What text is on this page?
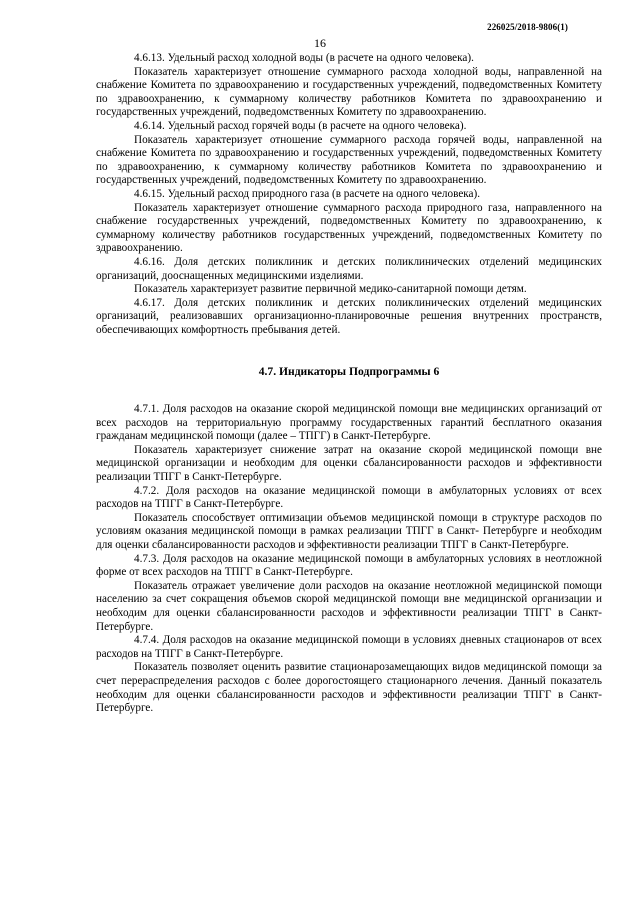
226025/2018-9806(1)
16

4.6.13. Удельный расход холодной воды (в расчете на одного человека).

Показатель характеризует отношение суммарного расхода холодной воды, направленной на снабжение Комитета по здравоохранению и государственных учреждений, подведомственных Комитету по здравоохранению, к суммарному количеству работников Комитета по здравоохранению и государственных учреждений, подведомственных Комитету по здравоохранению.

4.6.14. Удельный расход горячей воды (в расчете на одного человека).

Показатель характеризует отношение суммарного расхода горячей воды, направленной на снабжение Комитета по здравоохранению и государственных учреждений, подведомственных Комитету по здравоохранению, к суммарному количеству работников Комитета по здравоохранению и государственных учреждений, подведомственных Комитету по здравоохранению.

4.6.15. Удельный расход природного газа (в расчете на одного человека).

Показатель характеризует отношение суммарного расхода природного газа, направленного на снабжение государственных учреждений, подведомственных Комитету по здравоохранению, к суммарному количеству работников государственных учреждений, подведомственных Комитету по здравоохранению.

4.6.16. Доля детских поликлиник и детских поликлинических отделений медицинских организаций, дооснащенных медицинскими изделиями.

Показатель характеризует развитие первичной медико-санитарной помощи детям.

4.6.17. Доля детских поликлиник и детских поликлинических отделений медицинских организаций, реализовавших организационно-планировочные решения внутренних пространств, обеспечивающих комфортность пребывания детей.

4.7. Индикаторы Подпрограммы 6

4.7.1. Доля расходов на оказание скорой медицинской помощи вне медицинских организаций от всех расходов на территориальную программу государственных гарантий бесплатного оказания гражданам медицинской помощи (далее – ТПГГ) в Санкт-Петербурге.

Показатель характеризует снижение затрат на оказание скорой медицинской помощи вне медицинской организации и необходим для оценки сбалансированности расходов и эффективности реализации ТПГГ в Санкт-Петербурге.

4.7.2. Доля расходов на оказание медицинской помощи в амбулаторных условиях от всех расходов на ТПГГ в Санкт-Петербурге.

Показатель способствует оптимизации объемов медицинской помощи в структуре расходов по условиям оказания медицинской помощи в рамках реализации ТПГГ в Санкт- Петербурге и необходим для оценки сбалансированности расходов и эффективности реализации ТПГГ в Санкт-Петербурге.

4.7.3. Доля расходов на оказание медицинской помощи в амбулаторных условиях в неотложной форме от всех расходов на ТПГГ в Санкт-Петербурге.

Показатель отражает увеличение доли расходов на оказание неотложной медицинской помощи населению за счет сокращения объемов скорой медицинской помощи вне медицинской организации и необходим для оценки сбалансированности расходов и эффективности реализации ТПГГ в Санкт-Петербурге.

4.7.4. Доля расходов на оказание медицинской помощи в условиях дневных стационаров от всех расходов на ТПГГ в Санкт-Петербурге.

Показатель позволяет оценить развитие стационарозамещающих видов медицинской помощи за счет перераспределения расходов с более дорогостоящего стационарного лечения. Данный показатель необходим для оценки сбалансированности расходов и эффективности реализации ТПГГ в Санкт-Петербурге.
